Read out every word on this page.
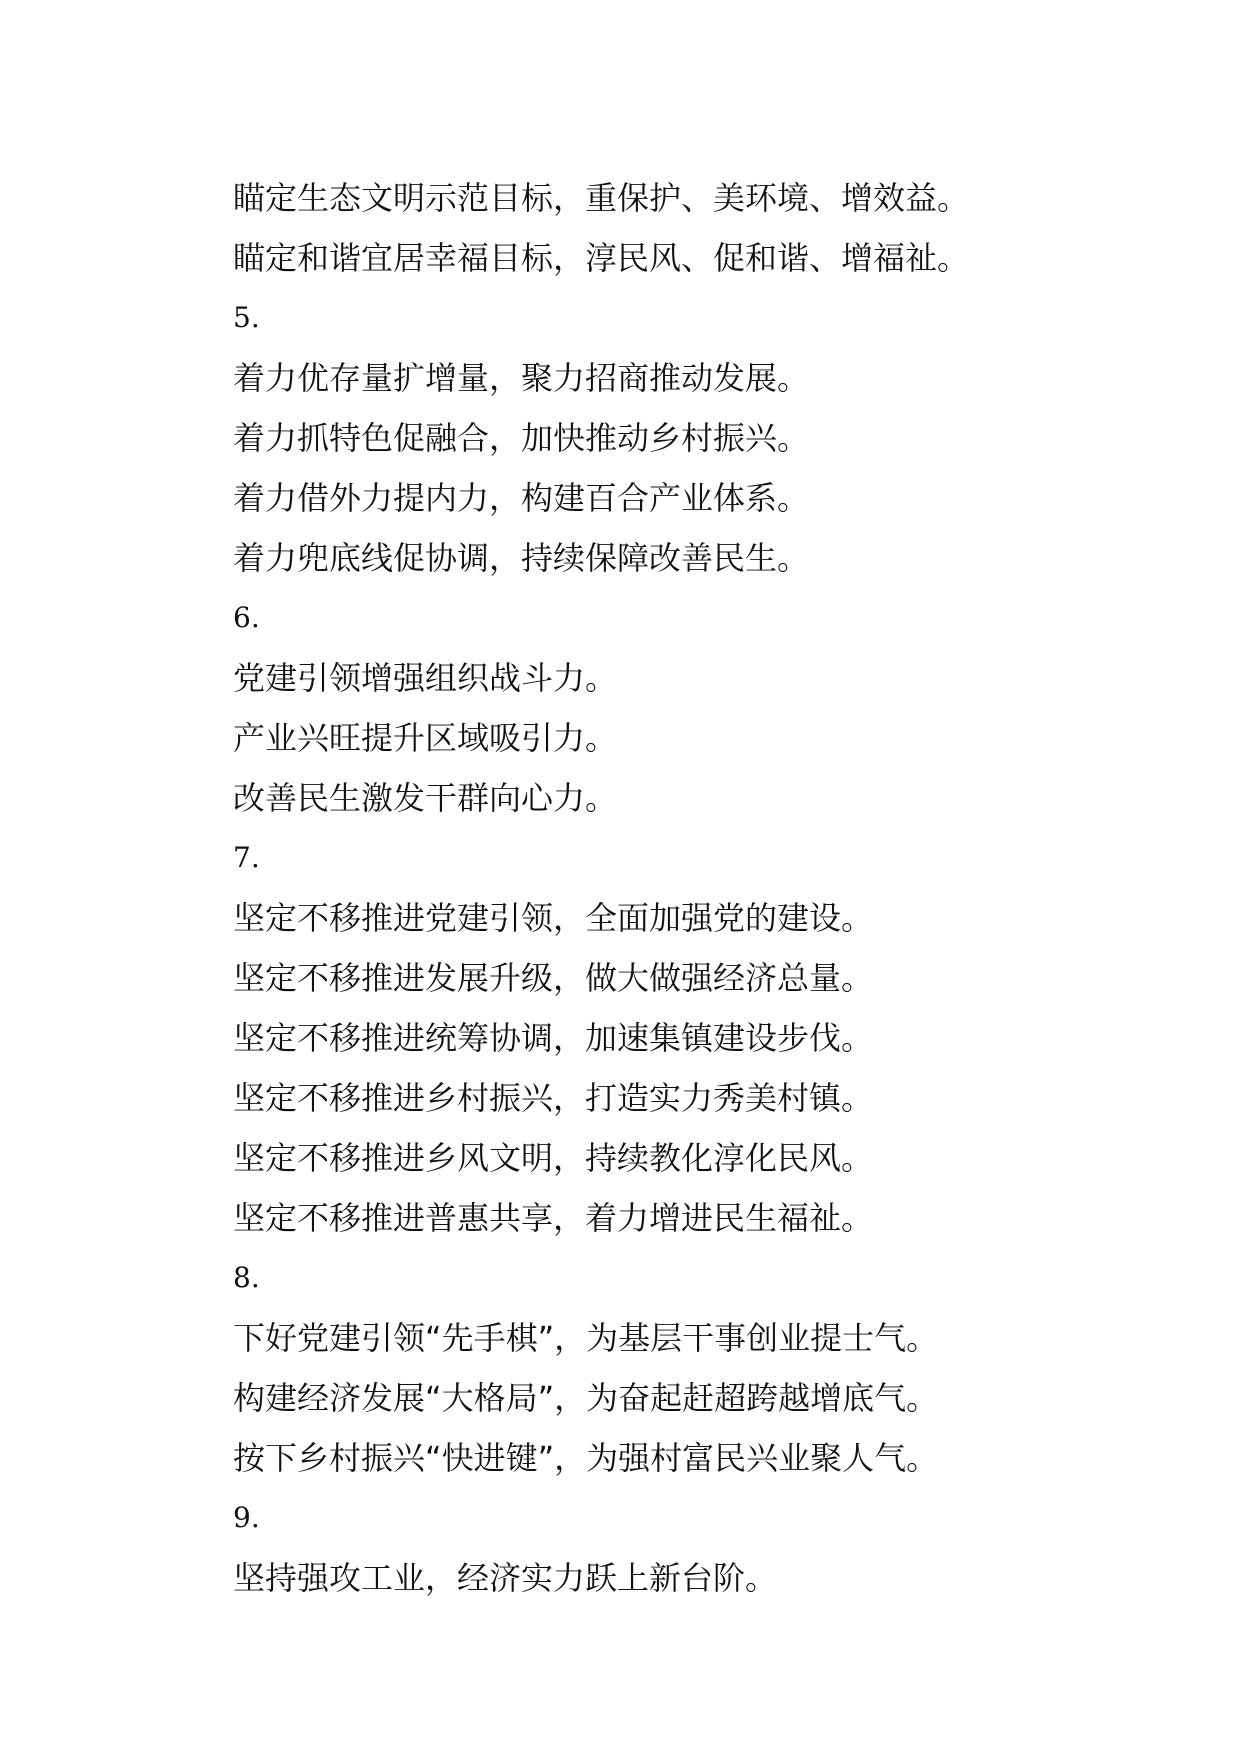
瞄定生态文明示范目标，重保护、美环境、增效益。
瞄定和谐宜居幸福目标，淳民风、促和谐、增福祉。
5.
着力优存量扩增量，聚力招商推动发展。
着力抓特色促融合，加快推动乡村振兴。
着力借外力提内力，构建百合产业体系。
着力兜底线促协调，持续保障改善民生。
6.
党建引领增强组织战斗力。
产业兴旺提升区域吸引力。
改善民生激发干群向心力。
7.
坚定不移推进党建引领，全面加强党的建设。
坚定不移推进发展升级，做大做强经济总量。
坚定不移推进统筹协调，加速集镇建设步伐。
坚定不移推进乡村振兴，打造实力秀美村镇。
坚定不移推进乡风文明，持续教化淳化民风。
坚定不移推进普惠共享，着力增进民生福祉。
8.
下好党建引领“先手棋”，为基层干事创业提士气。
构建经济发展“大格局”，为奋起赶超跨越增底气。
按下乡村振兴“快进键”，为强村富民兴业聚人气。
9.
坚持强攻工业，经济实力跃上新台阶。
